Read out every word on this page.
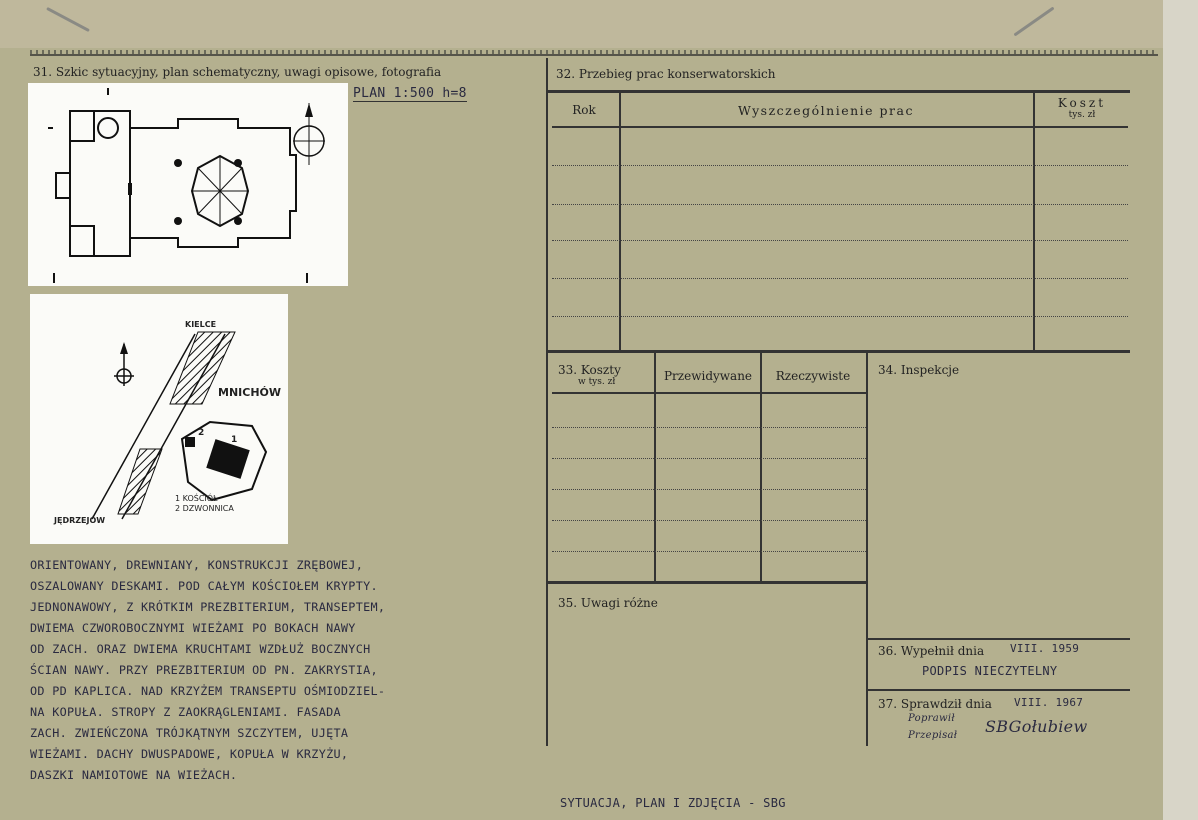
31. Szkic sytuacyjny, plan schematyczny, uwagi opisowe, fotografia
PLAN 1:500 h=8
KIELCE
MNICHÓW
2
1
1 KOŚCIÓŁ
2 DZWONNICA
JĘDRZEJÓW
ORIENTOWANY, DREWNIANY, KONSTRUKCJI ZRĘBOWEJ,
OSZALOWANY DESKAMI. POD CAŁYM KOŚCIOŁEM KRYPTY.
JEDNONAWOWY, Z KRÓTKIM PREZBITERIUM, TRANSEPTEM,
DWIEMA CZWOROBOCZNYMI WIEŻAMI PO BOKACH NAWY
OD ZACH. ORAZ DWIEMA KRUCHTAMI WZDŁUŻ BOCZNYCH
ŚCIAN NAWY. PRZY PREZBITERIUM OD PN. ZAKRYSTIA,
OD PD KAPLICA. NAD KRZYŻEM TRANSEPTU OŚMIODZIEL-
NA KOPUŁA. STROPY Z ZAOKRĄGLENIAMI. FASADA
ZACH. ZWIEŃCZONA TRÓJKĄTNYM SZCZYTEM, UJĘTA
WIEŻAMI. DACHY DWUSPADOWE, KOPUŁA W KRZYŻU,
DASZKI NAMIOTOWE NA WIEŻACH.
32. Przebieg prac konserwatorskich
Rok	Wyszczególnienie prac	Koszt
tys. zł
33. Koszty
w tys. zł	Przewidywane	Rzeczywiste	34. Inspekcje
35. Uwagi różne
36. Wypełnił dnia VIII. 1959
PODPIS NIECZYTELNY
37. Sprawdził dnia VIII. 1967
Poprawił
Przepisał SBGołubiew
SYTUACJA, PLAN I ZDJĘCIA - SBG
